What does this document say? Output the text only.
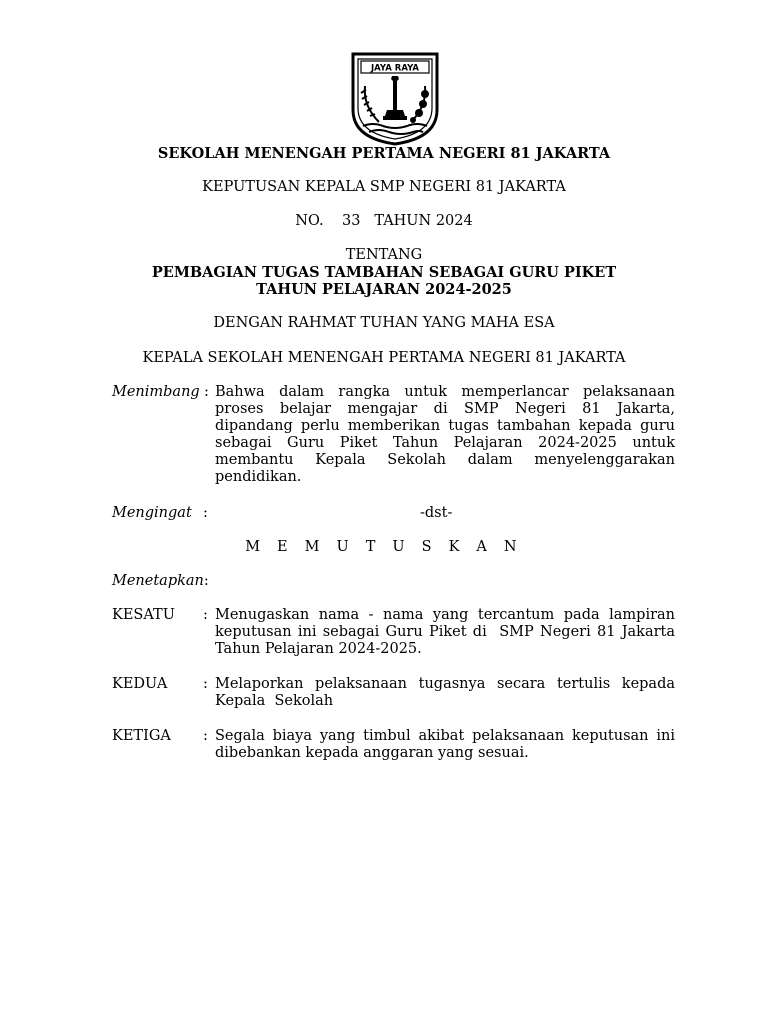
JAYA RAYA
SEKOLAH MENENGAH PERTAMA NEGERI 81 JAKARTA
KEPUTUSAN KEPALA SMP NEGERI 81 JAKARTA
NO. 33 TAHUN 2024
TENTANG
PEMBAGIAN TUGAS TAMBAHAN SEBAGAI GURU PIKET
TAHUN PELAJARAN 2024-2025
DENGAN RAHMAT TUHAN YANG MAHA ESA
KEPALA SEKOLAH MENENGAH PERTAMA NEGERI 81 JAKARTA
Menimbang : Bahwa dalam rangka untuk memperlancar pelaksanaan
proses belajar mengajar di SMP Negeri 81 Jakarta,
dipandang perlu memberikan tugas tambahan kepada guru
sebagai Guru Piket Tahun Pelajaran 2024-2025 untuk
membantu Kepala Sekolah dalam menyelenggarakan
pendidikan.
Mengingat :	-dst-
M E M U T U S K A N
Menetapkan:
KESATU : Menugaskan nama - nama yang tercantum pada lampiran
keputusan ini sebagai Guru Piket di  SMP Negeri 81 Jakarta
Tahun Pelajaran 2024-2025.
KEDUA : Melaporkan pelaksanaan tugasnya secara tertulis kepada
Kepala  Sekolah
KETIGA : Segala biaya yang timbul akibat pelaksanaan keputusan ini
dibebankan kepada anggaran yang sesuai.
